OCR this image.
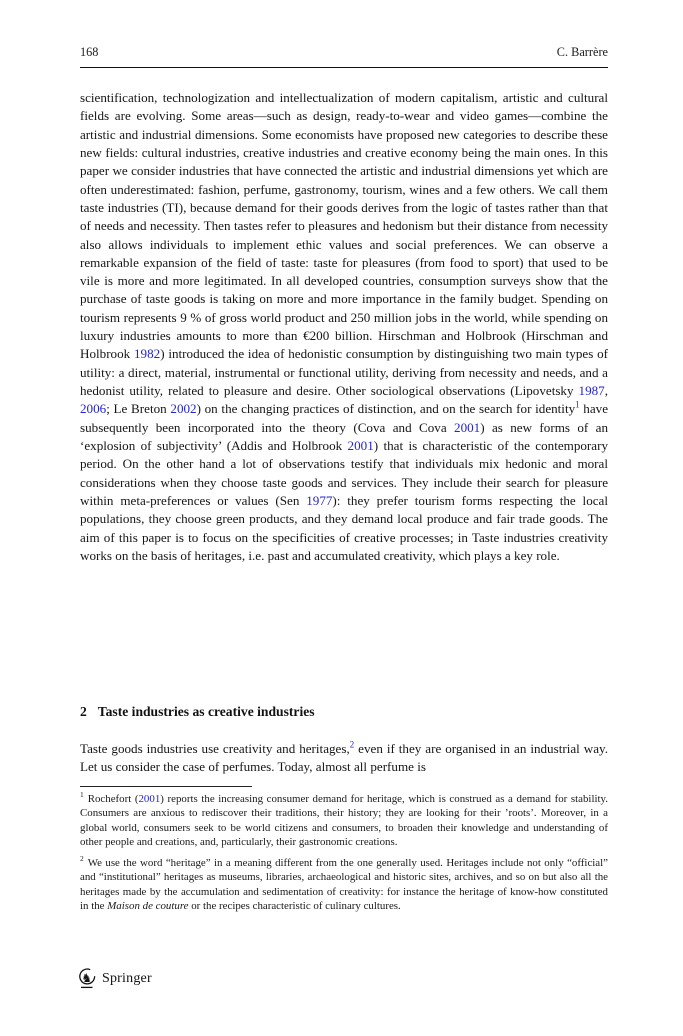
168	C. Barrère
scientification, technologization and intellectualization of modern capitalism, artistic and cultural fields are evolving. Some areas—such as design, ready-to-wear and video games—combine the artistic and industrial dimensions. Some economists have proposed new categories to describe these new fields: cultural industries, creative industries and creative economy being the main ones. In this paper we consider industries that have connected the artistic and industrial dimensions yet which are often underestimated: fashion, perfume, gastronomy, tourism, wines and a few others. We call them taste industries (TI), because demand for their goods derives from the logic of tastes rather than that of needs and necessity. Then tastes refer to pleasures and hedonism but their distance from necessity also allows individuals to implement ethic values and social preferences. We can observe a remarkable expansion of the field of taste: taste for pleasures (from food to sport) that used to be vile is more and more legitimated. In all developed countries, consumption surveys show that the purchase of taste goods is taking on more and more importance in the family budget. Spending on tourism represents 9 % of gross world product and 250 million jobs in the world, while spending on luxury industries amounts to more than €200 billion. Hirschman and Holbrook (Hirschman and Holbrook 1982) introduced the idea of hedonistic consumption by distinguishing two main types of utility: a direct, material, instrumental or functional utility, deriving from necessity and needs, and a hedonist utility, related to pleasure and desire. Other sociological observations (Lipovetsky 1987, 2006; Le Breton 2002) on the changing practices of distinction, and on the search for identity$^1$ have subsequently been incorporated into the theory (Cova and Cova 2001) as new forms of an ‘explosion of subjectivity’ (Addis and Holbrook 2001) that is characteristic of the contemporary period. On the other hand a lot of observations testify that individuals mix hedonic and moral considerations when they choose taste goods and services. They include their search for pleasure within meta-preferences or values (Sen 1977): they prefer tourism forms respecting the local populations, they choose green products, and they demand local produce and fair trade goods. The aim of this paper is to focus on the specificities of creative processes; in Taste industries creativity works on the basis of heritages, i.e. past and accumulated creativity, which plays a key role.
2 Taste industries as creative industries
Taste goods industries use creativity and heritages,$^2$ even if they are organised in an industrial way. Let us consider the case of perfumes. Today, almost all perfume is
$^1$ Rochefort (2001) reports the increasing consumer demand for heritage, which is construed as a demand for stability. Consumers are anxious to rediscover their traditions, their history; they are looking for their ’roots’. Moreover, in a global world, consumers seek to be world citizens and consumers, to broaden their knowledge and understanding of other people and creations, and, particularly, their gastronomic creations.
$^2$ We use the word “heritage” in a meaning different from the one generally used. Heritages include not only “official” and “institutional” heritages as museums, libraries, archaeological and historic sites, archives, and so on but also all the heritages made by the accumulation and sedimentation of creativity: for instance the heritage of know-how constituted in the Maison de couture or the recipes characteristic of culinary cultures.
♞ Springer
